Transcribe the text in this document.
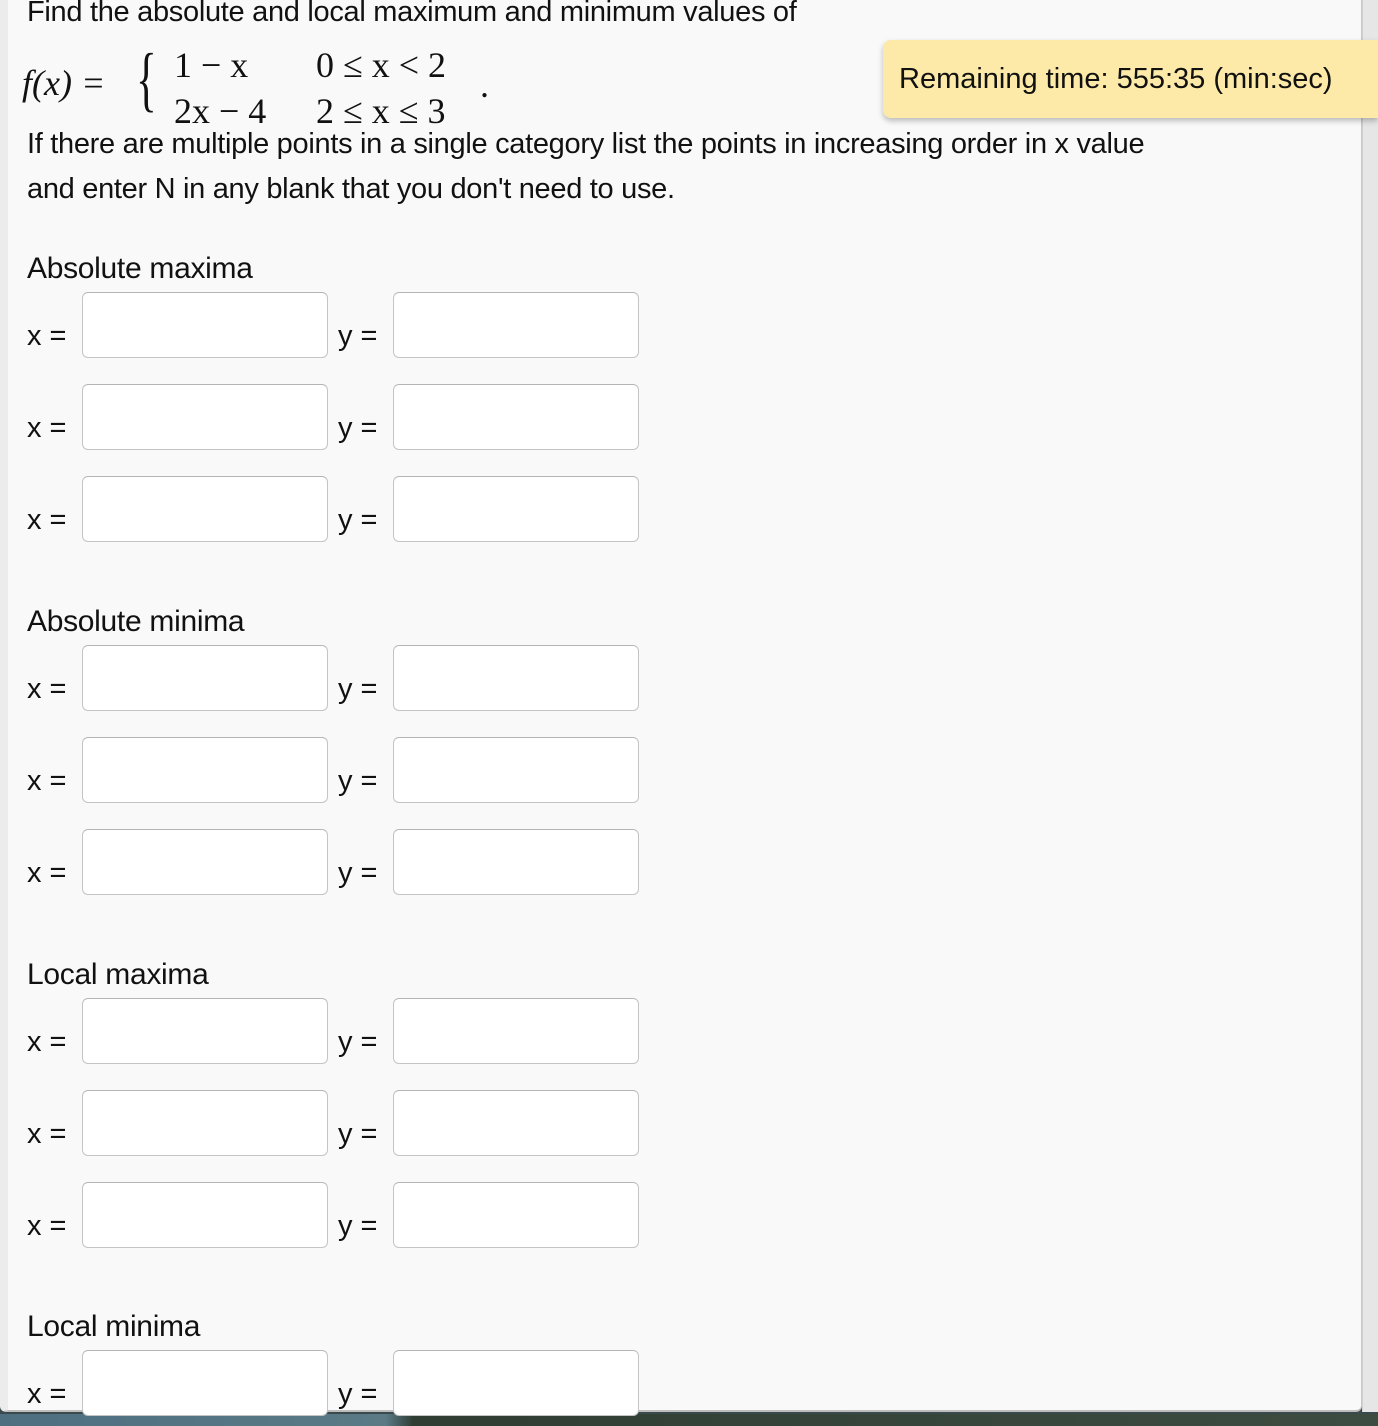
Find the absolute and local maximum and minimum values of
f(x) = { 1 − x 0 ≤ x < 2
2x − 4 2 ≤ x ≤ 3
.	Remaining time: 555:35 (min:sec)
If there are multiple points in a single category list the points in increasing order in x value
and enter N in any blank that you don't need to use.
Absolute maxima
x =	y =
x =	y =
x =	y =
Absolute minima
x =	y =
x =	y =
x =	y =
Local maxima
x =	y =
x =	y =
x =	y =
Local minima
x =	y =
